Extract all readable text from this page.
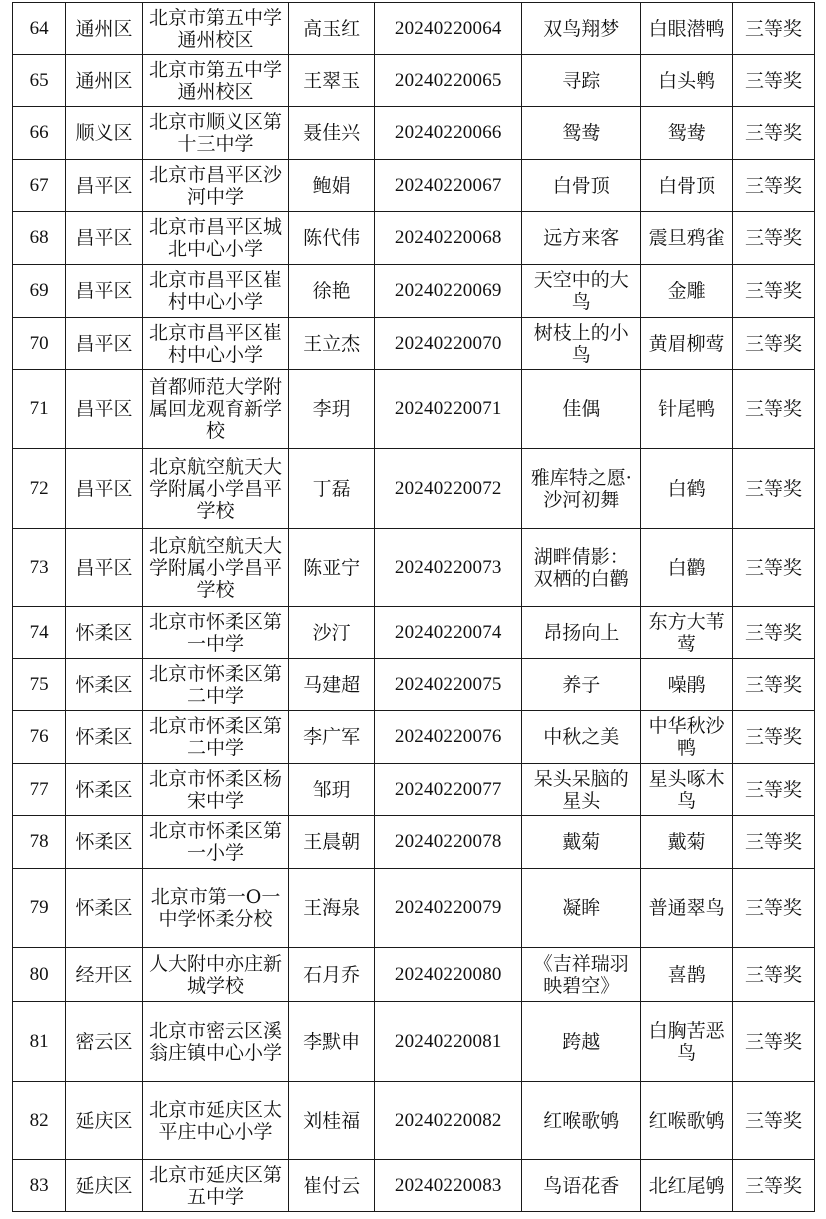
64	通州区	北京市第五中学通州校区	高玉红	20240220064	双鸟翔梦	白眼潜鸭	三等奖
65	通州区	北京市第五中学通州校区	王翠玉	20240220065	寻踪	白头鹎	三等奖
66	顺义区	北京市顺义区第十三中学	聂佳兴	20240220066	鸳鸯	鸳鸯	三等奖
67	昌平区	北京市昌平区沙河中学	鲍娟	20240220067	白骨顶	白骨顶	三等奖
68	昌平区	北京市昌平区城北中心小学	陈代伟	20240220068	远方来客	震旦鸦雀	三等奖
69	昌平区	北京市昌平区崔村中心小学	徐艳	20240220069	天空中的大鸟	金雕	三等奖
70	昌平区	北京市昌平区崔村中心小学	王立杰	20240220070	树枝上的小鸟	黄眉柳莺	三等奖
71	昌平区	首都师范大学附属回龙观育新学校	李玥	20240220071	佳偶	针尾鸭	三等奖
72	昌平区	北京航空航天大学附属小学昌平学校	丁磊	20240220072	雅库特之愿·沙河初舞	白鹤	三等奖
73	昌平区	北京航空航天大学附属小学昌平学校	陈亚宁	20240220073	湖畔倩影：双栖的白鹳	白鹳	三等奖
74	怀柔区	北京市怀柔区第一中学	沙汀	20240220074	昂扬向上	东方大苇莺	三等奖
75	怀柔区	北京市怀柔区第二中学	马建超	20240220075	养子	噪鹃	三等奖
76	怀柔区	北京市怀柔区第二中学	李广军	20240220076	中秋之美	中华秋沙鸭	三等奖
77	怀柔区	北京市怀柔区杨宋中学	邹玥	20240220077	呆头呆脑的星头	星头啄木鸟	三等奖
78	怀柔区	北京市怀柔区第一小学	王晨朝	20240220078	戴菊	戴菊	三等奖
79	怀柔区	北京市第一O一中学怀柔分校	王海泉	20240220079	凝眸	普通翠鸟	三等奖
80	经开区	人大附中亦庄新城学校	石月乔	20240220080	《吉祥瑞羽映碧空》	喜鹊	三等奖
81	密云区	北京市密云区溪翁庄镇中心小学	李默申	20240220081	跨越	白胸苦恶鸟	三等奖
82	延庆区	北京市延庆区太平庄中心小学	刘桂福	20240220082	红喉歌鸲	红喉歌鸲	三等奖
83	延庆区	北京市延庆区第五中学	崔付云	20240220083	鸟语花香	北红尾鸲	三等奖
